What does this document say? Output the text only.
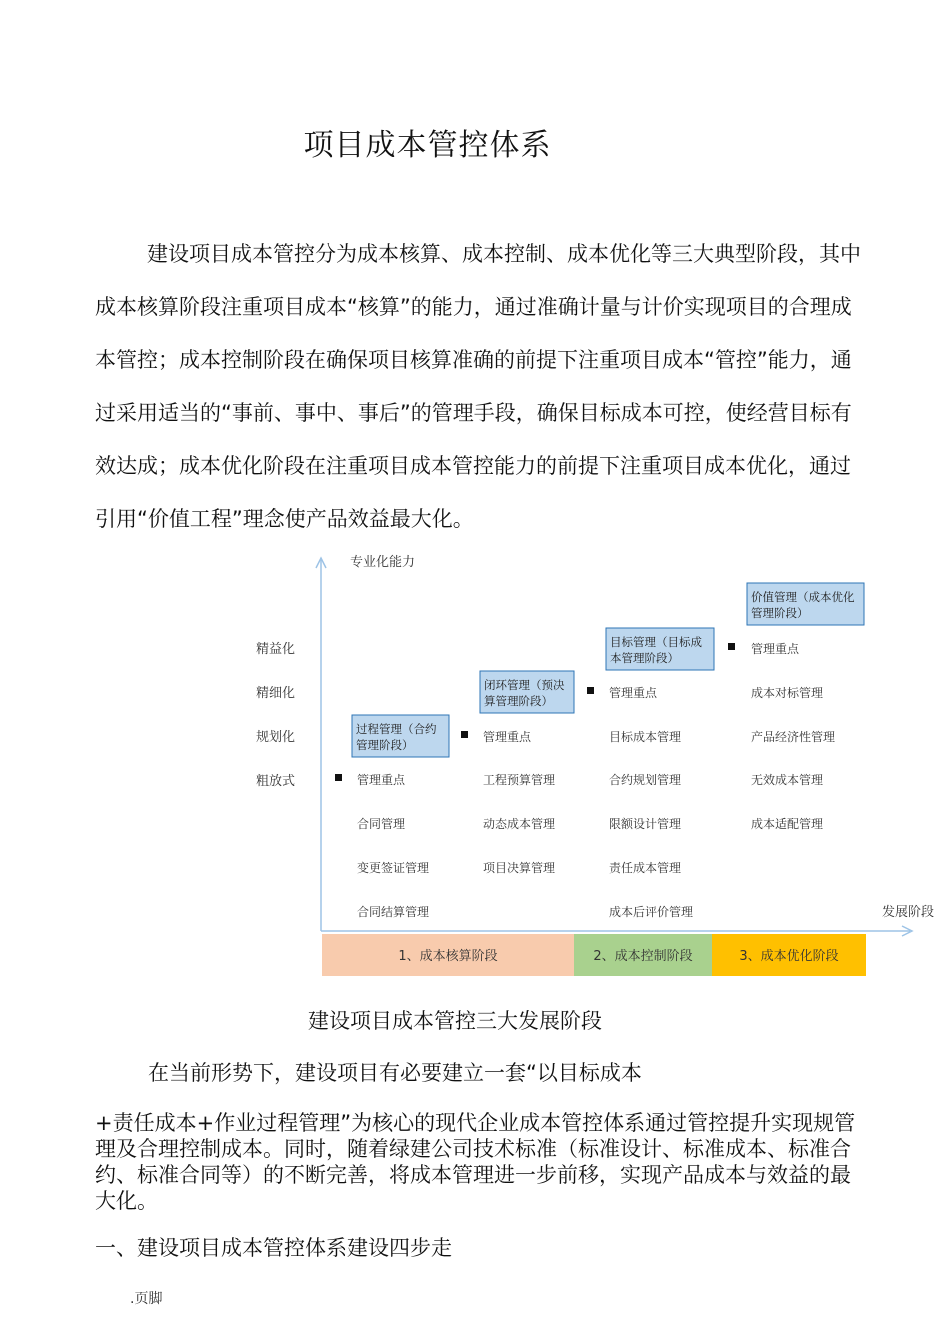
项目成本管控体系
建设项目成本管控分为成本核算、成本控制、成本优化等三大典型阶段，其中成本核算阶段注重项目成本“核算”的能力，通过准确计量与计价实现项目的合理成本管控；成本控制阶段在确保项目核算准确的前提下注重项目成本“管控”能力，通过采用适当的“事前、事中、事后”的管理手段，确保目标成本可控，使经营目标有效达成；成本优化阶段在注重项目成本管控能力的前提下注重项目成本优化，通过引用“价值工程”理念使产品效益最大化。
专业化能力
发展阶段
精益化
精细化
规划化
粗放式
过程管理（合约
管理阶段）
闭环管理（预决
算管理阶段）
目标管理（目标成
本管理阶段）
价值管理（成本优化
管理阶段）
管理重点
管理重点
管理重点
管理重点
合同管理
变更签证管理
合同结算管理
工程预算管理
动态成本管理
项目决算管理
目标成本管理
合约规划管理
限额设计管理
责任成本管理
成本后评价管理
成本对标管理
产品经济性管理
无效成本管理
成本适配管理
1、成本核算阶段	2、成本控制阶段	3、成本优化阶段
建设项目成本管控三大发展阶段
在当前形势下，建设项目有必要建立一套“以目标成本
+责任成本+作业过程管理”为核心的现代企业成本管控体系通过管控提升实现规管理及合理控制成本。同时，随着绿建公司技术标准（标准设计、标准成本、标准合约、标准合同等）的不断完善，将成本管理进一步前移，实现产品成本与效益的最大化。
一、建设项目成本管控体系建设四步走
.页脚
